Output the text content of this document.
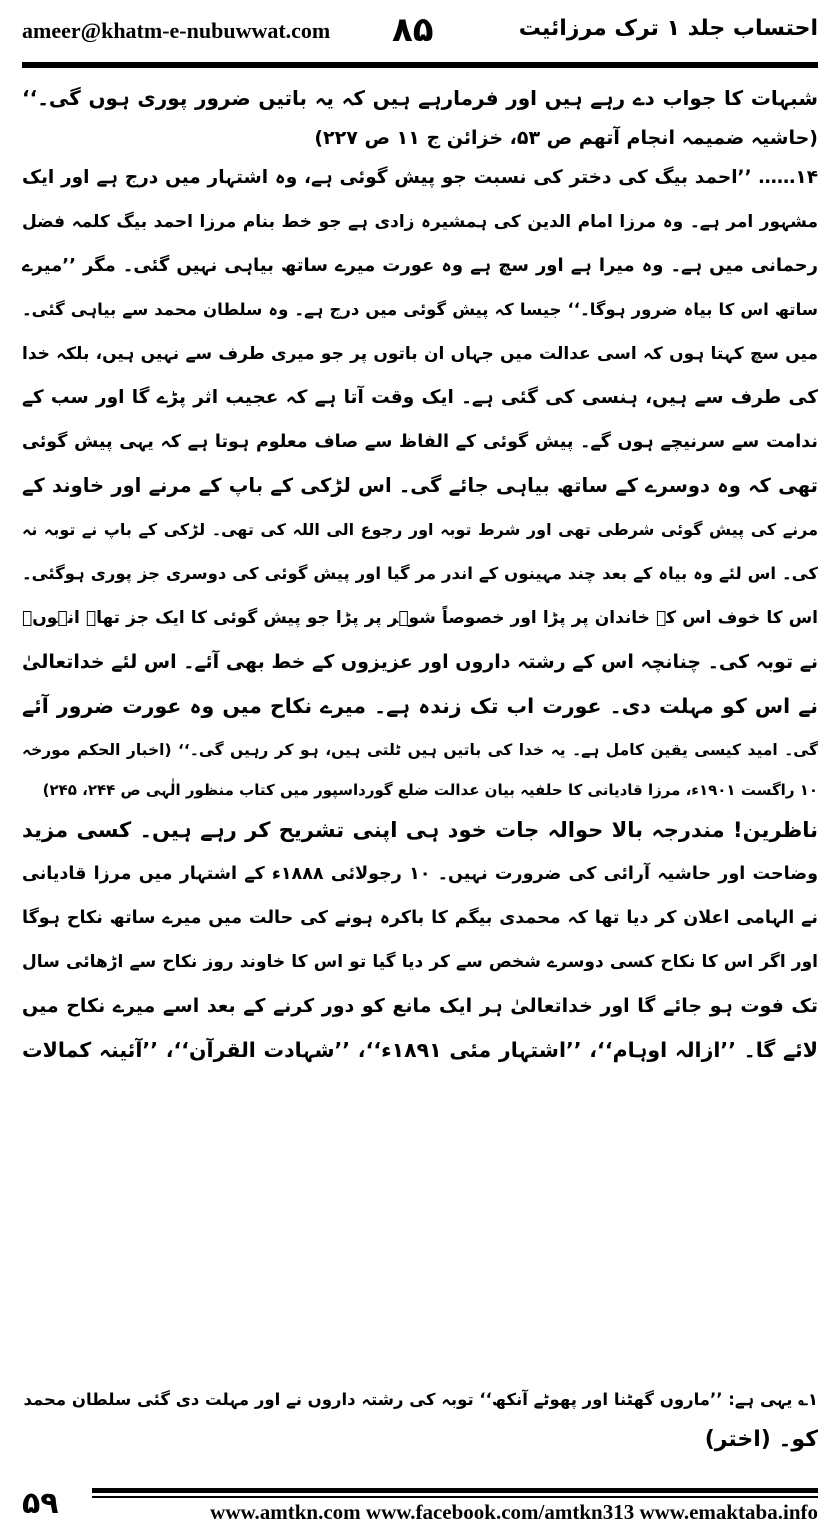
ameer@khatm-e-nubuwwat.com ۸۵	احتساب جلد ۱ ترک مرزائیت
شبہات کا جواب دے رہے ہیں اور فرمارہے ہیں کہ یہ باتیں ضرور پوری ہوں گی۔‘‘
(حاشیہ ضمیمہ انجام آتھم ص ۵۳، خزائن ج ۱۱ ص ۲۲۷)
۱۴…… ’’احمد بیگ کی دختر کی نسبت جو پیش گوئی ہے، وہ اشتہار میں درج ہے اور ایک
مشہور امر ہے۔ وہ مرزا امام الدین کی ہمشیرہ زادی ہے جو خط بنام مرزا احمد بیگ کلمہ فضل
رحمانی میں ہے۔ وہ میرا ہے اور سچ ہے وہ عورت میرے ساتھ بیاہی نہیں گئی۔ مگر ’’میرے
ساتھ اس کا بیاہ ضرور ہوگا۔‘‘ جیسا کہ پیش گوئی میں درج ہے۔ وہ سلطان محمد سے بیاہی گئی۔
میں سچ کہتا ہوں کہ اسی عدالت میں جہاں ان باتوں پر جو میری طرف سے نہیں ہیں، بلکہ خدا
کی طرف سے ہیں، ہنسی کی گئی ہے۔ ایک وقت آتا ہے کہ عجیب اثر پڑے گا اور سب کے
ندامت سے سرنیچے ہوں گے۔ پیش گوئی کے الفاظ سے صاف معلوم ہوتا ہے کہ یہی پیش گوئی
تھی کہ وہ دوسرے کے ساتھ بیاہی جائے گی۔ اس لڑکی کے باپ کے مرنے اور خاوند کے
مرنے کی پیش گوئی شرطی تھی اور شرط توبہ اور رجوع الی اللہ کی تھی۔ لڑکی کے باپ نے توبہ نہ
کی۔ اس لئے وہ بیاہ کے بعد چند مہینوں کے اندر مر گیا اور پیش گوئی کی دوسری جز پوری ہوگئی۔
اس کا خوف اس کے خاندان پر پڑا اور خصوصاً شوہر پر پڑا جو پیش گوئی کا ایک جز تھا۔ انہوںؒ
نے توبہ کی۔ چنانچہ اس کے رشتہ داروں اور عزیزوں کے خط بھی آئے۔ اس لئے خداتعالیٰ
نے اس کو مہلت دی۔ عورت اب تک زندہ ہے۔ میرے نکاح میں وہ عورت ضرور آئے
گی۔ امید کیسی یقین کامل ہے۔ یہ خدا کی باتیں ہیں ٹلتی ہیں، ہو کر رہیں گی۔‘‘ (اخبار الحکم مورخہ
۱۰ راگست ۱۹۰۱ء، مرزا قادیانی کا حلفیہ بیان عدالت ضلع گورداسپور میں کتاب منظور الٰہی ص ۲۴۴، ۲۴۵)
ناظرین! مندرجہ بالا حوالہ جات خود ہی اپنی تشریح کر رہے ہیں۔ کسی مزید
وضاحت اور حاشیہ آرائی کی ضرورت نہیں۔ ۱۰ رجولائی ۱۸۸۸ء کے اشتہار میں مرزا قادیانی
نے الہامی اعلان کر دیا تھا کہ محمدی بیگم کا باکرہ ہونے کی حالت میں میرے ساتھ نکاح ہوگا
اور اگر اس کا نکاح کسی دوسرے شخص سے کر دیا گیا تو اس کا خاوند روز نکاح سے اڑھائی سال
تک فوت ہو جائے گا اور خداتعالیٰ ہر ایک مانع کو دور کرنے کے بعد اسے میرے نکاح میں
لائے گا۔ ’’ازالہ اوہام‘‘، ’’اشتہار مئی ۱۸۹۱ء‘‘، ’’شہادت القرآن‘‘، ’’آئینہ کمالات
۱؎ یہی ہے: ’’ماروں گھٹنا اور پھوٹے آنکھ‘‘ توبہ کی رشتہ داروں نے اور مہلت دی گئی سلطان محمد
کو۔ (اختر)
۵۹	www.amtkn.com www.facebook.com/amtkn313 www.emaktaba.info
